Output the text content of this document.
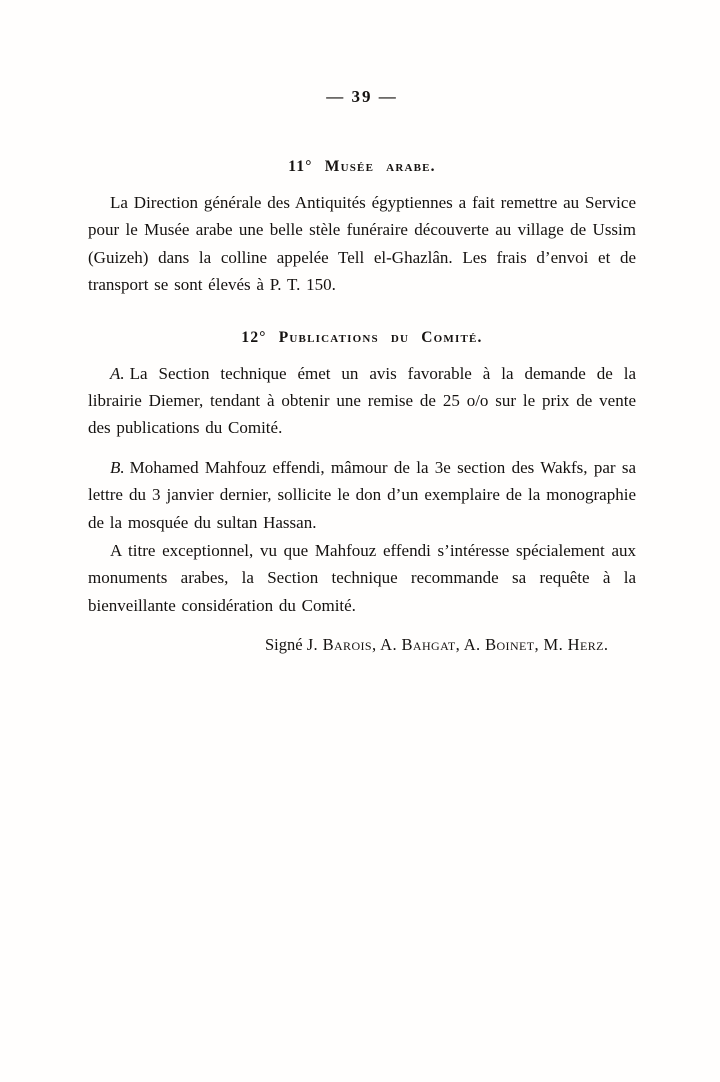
— 39 —
11° Musée arabe.

La Direction générale des Antiquités égyptiennes a fait remettre au Service pour le Musée arabe une belle stèle funéraire découverte au village de Ussim (Guizeh) dans la colline appelée Tell el-Ghazlân. Les frais d’envoi et de transport se sont élevés à P. T. 150.

12° Publications du Comité.

A. La Section technique émet un avis favorable à la demande de la librairie Diemer, tendant à obtenir une remise de 25 o/o sur le prix de vente des publications du Comité.

B. Mohamed Mahfouz effendi, mâmour de la 3e section des Wakfs, par sa lettre du 3 janvier dernier, sollicite le don d’un exemplaire de la monographie de la mosquée du sultan Hassan.

A titre exceptionnel, vu que Mahfouz effendi s’intéresse spécialement aux monuments arabes, la Section technique recommande sa requête à la bienveillante considération du Comité.

Signé J. Barois, A. Bahgat, A. Boinet, M. Herz.
